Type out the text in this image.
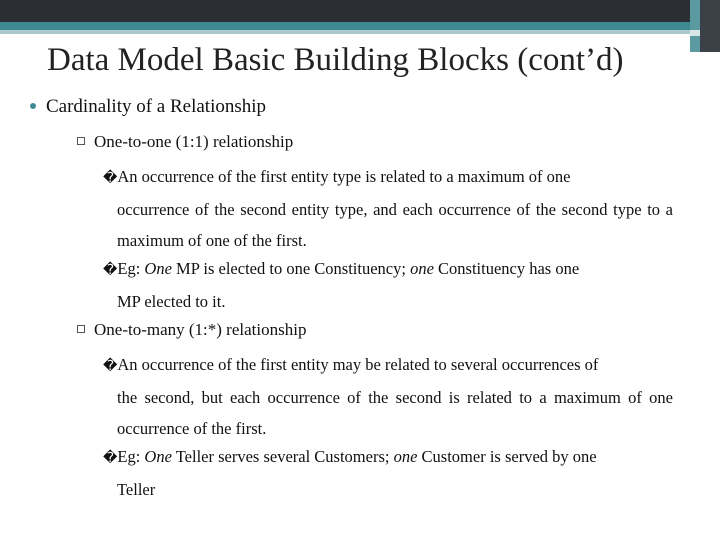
Data Model Basic Building Blocks (cont’d)
Cardinality of a Relationship
One-to-one (1:1) relationship
�An occurrence of the first entity type is related to a maximum of one
occurrence of the second entity type, and each occurrence of the second type to a maximum of one of the first.
�Eg: One MP is elected to one Constituency; one Constituency has one
MP elected to it.
One-to-many (1:*) relationship
�An occurrence of the first entity may be related to several occurrences of
the second, but each occurrence of the second is related to a maximum of one occurrence of the first.
�Eg: One Teller serves several Customers; one Customer is served by one
Teller
